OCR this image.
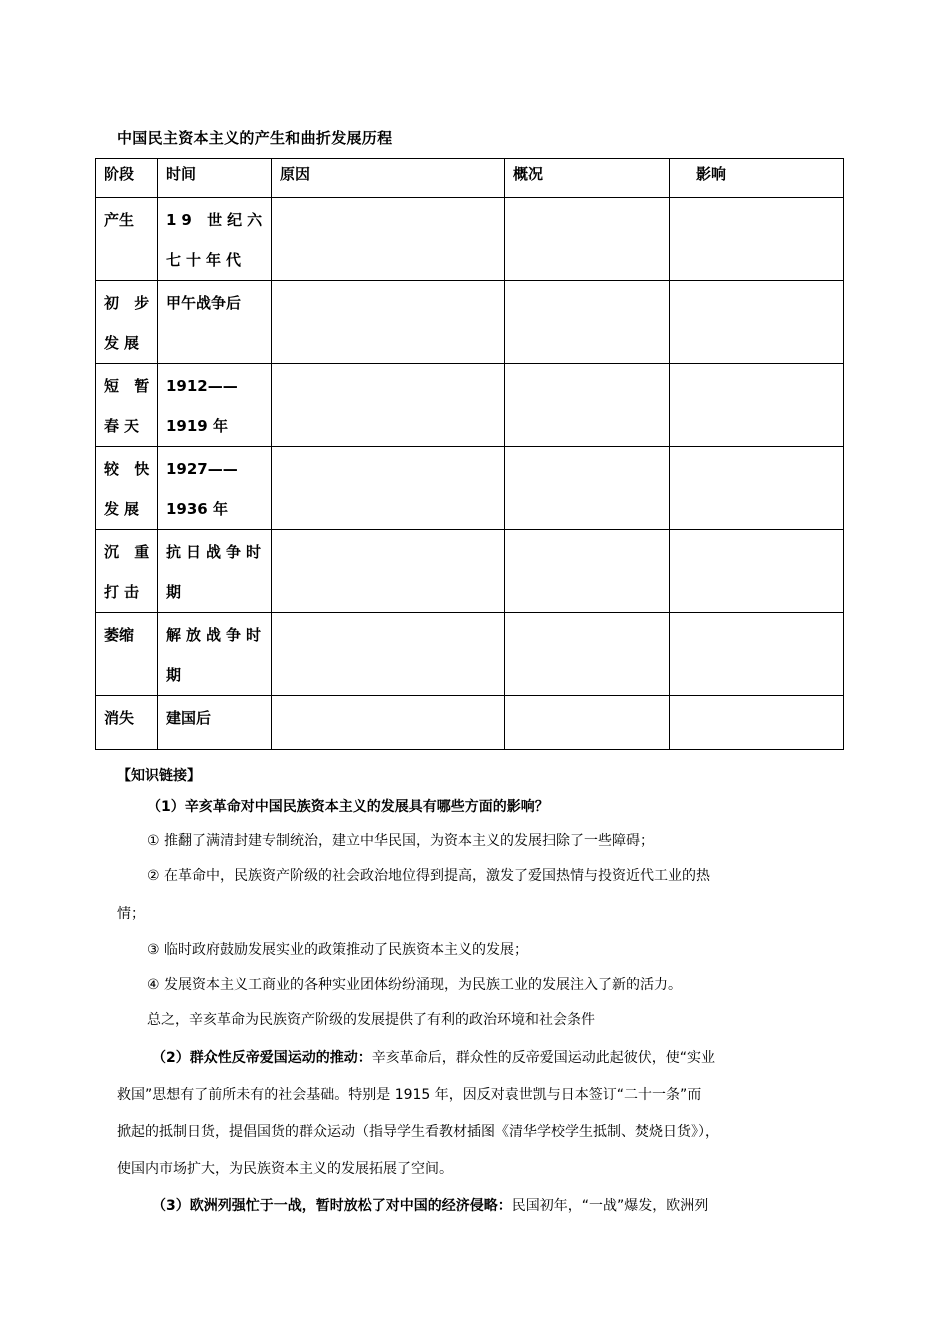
中国民主资本主义的产生和曲折发展历程
阶段	时间	原因	概况	影响
产生	19 世纪六七十年代			
初 步发展	甲午战争后			
短 暂春天	1912——1919 年			
较 快发展	1927——1936 年			
沉 重打击	抗日战争时期			
萎缩	解放战争时期			
消失	建国后			
【知识链接】
（1）辛亥革命对中国民族资本主义的发展具有哪些方面的影响？
① 推翻了满清封建专制统治，建立中华民国，为资本主义的发展扫除了一些障碍；
② 在革命中，民族资产阶级的社会政治地位得到提高，激发了爱国热情与投资近代工业的热
情；
③ 临时政府鼓励发展实业的政策推动了民族资本主义的发展；
④ 发展资本主义工商业的各种实业团体纷纷涌现，为民族工业的发展注入了新的活力。
总之，辛亥革命为民族资产阶级的发展提供了有利的政治环境和社会条件
（2）群众性反帝爱国运动的推动：辛亥革命后，群众性的反帝爱国运动此起彼伏，使“实业
救国”思想有了前所未有的社会基础。特别是 1915 年，因反对袁世凯与日本签订“二十一条”而
掀起的抵制日货，提倡国货的群众运动（指导学生看教材插图《清华学校学生抵制、焚烧日货》），
使国内市场扩大，为民族资本主义的发展拓展了空间。
（3）欧洲列强忙于一战，暂时放松了对中国的经济侵略：民国初年，“一战”爆发，欧洲列
